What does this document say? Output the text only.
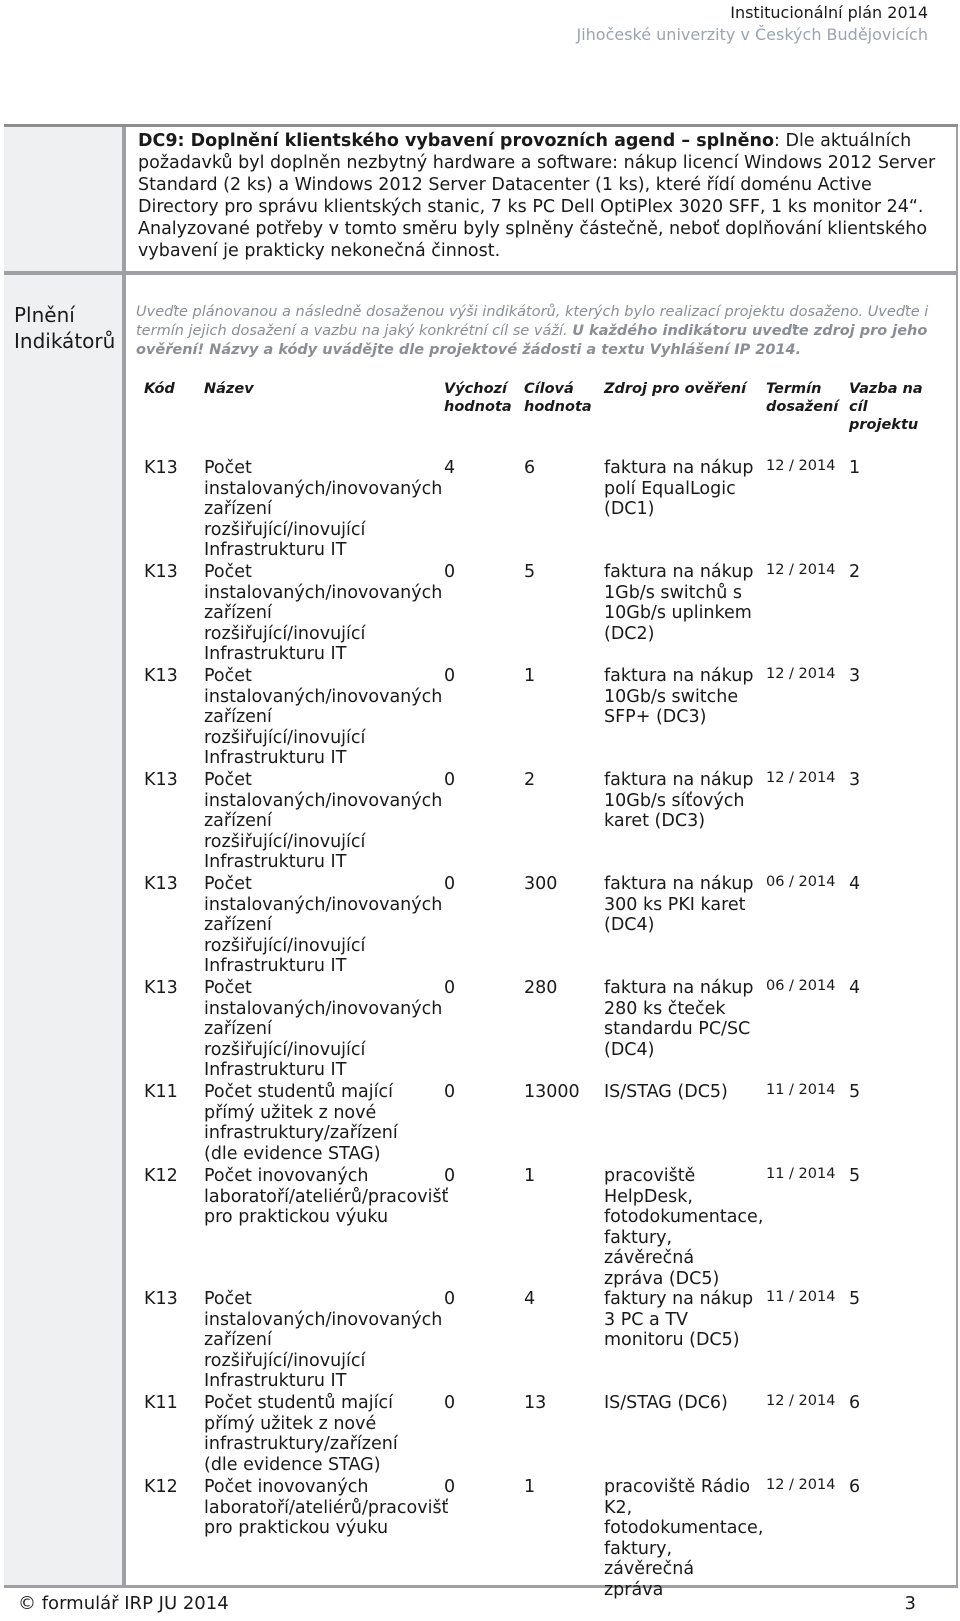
Institucionální plán 2014
Jihočeské univerzity v Českých Budějovicích
DC9: Doplnění klientského vybavení provozních agend – splněno: Dle aktuálních požadavků byl doplněn nezbytný hardware a software: nákup licencí Windows 2012 Server Standard (2 ks) a Windows 2012 Server Datacenter (1 ks), které řídí doménu Active Directory pro správu klientských stanic, 7 ks PC Dell OptiPlex 3020 SFF, 1 ks monitor 24“. Analyzované potřeby v tomto směru byly splněny částečně, neboť doplňování klientského vybavení je prakticky nekonečná činnost.
Plnění Indikátorů
Uveďte plánovanou a následně dosaženou výši indikátorů, kterých bylo realizací projektu dosaženo. Uveďte i termín jejich dosažení a vazbu na jaký konkrétní cíl se váží. U každého indikátoru uveďte zdroj pro jeho ověření! Názvy a kódy uvádějte dle projektové žádosti a textu Vyhlášení IP 2014.
Kód	Název	Výchozí hodnota	Cílová hodnota	Zdroj pro ověření	Termín dosažení	Vazba na cíl projektu
K13	Počet instalovaných/inovovaných zařízení rozšiřující/inovující Infrastrukturu IT	4	6	faktura na nákup polí EqualLogic (DC1)	12 / 2014	1
K13	Počet instalovaných/inovovaných zařízení rozšiřující/inovující Infrastrukturu IT	0	5	faktura na nákup 1Gb/s switchů s 10Gb/s uplinkem (DC2)	12 / 2014	2
K13	Počet instalovaných/inovovaných zařízení rozšiřující/inovující Infrastrukturu IT	0	1	faktura na nákup 10Gb/s switche SFP+ (DC3)	12 / 2014	3
K13	Počet instalovaných/inovovaných zařízení rozšiřující/inovující Infrastrukturu IT	0	2	faktura na nákup 10Gb/s síťových karet (DC3)	12 / 2014	3
K13	Počet instalovaných/inovovaných zařízení rozšiřující/inovující Infrastrukturu IT	0	300	faktura na nákup 300 ks PKI karet (DC4)	06 / 2014	4
K13	Počet instalovaných/inovovaných zařízení rozšiřující/inovující Infrastrukturu IT	0	280	faktura na nákup 280 ks čteček standardu PC/SC (DC4)	06 / 2014	4
K11	Počet studentů mající přímý užitek z nové infrastruktury/zařízení (dle evidence STAG)	0	13000	IS/STAG (DC5)	11 / 2014	5
K12	Počet inovovaných laboratoří/ateliérů/pracovišť pro praktickou výuku	0	1	pracoviště HelpDesk, fotodokumentace, faktury, závěrečná zpráva (DC5)	11 / 2014	5
K13	Počet instalovaných/inovovaných zařízení rozšiřující/inovující Infrastrukturu IT	0	4	faktury na nákup 3 PC a TV monitoru (DC5)	11 / 2014	5
K11	Počet studentů mající přímý užitek z nové infrastruktury/zařízení (dle evidence STAG)	0	13	IS/STAG (DC6)	12 / 2014	6
K12	Počet inovovaných laboratoří/ateliérů/pracovišť pro praktickou výuku	0	1	pracoviště Rádio K2, fotodokumentace, faktury, závěrečná zpráva	12 / 2014	6
© formulář IRP JU 2014	3
